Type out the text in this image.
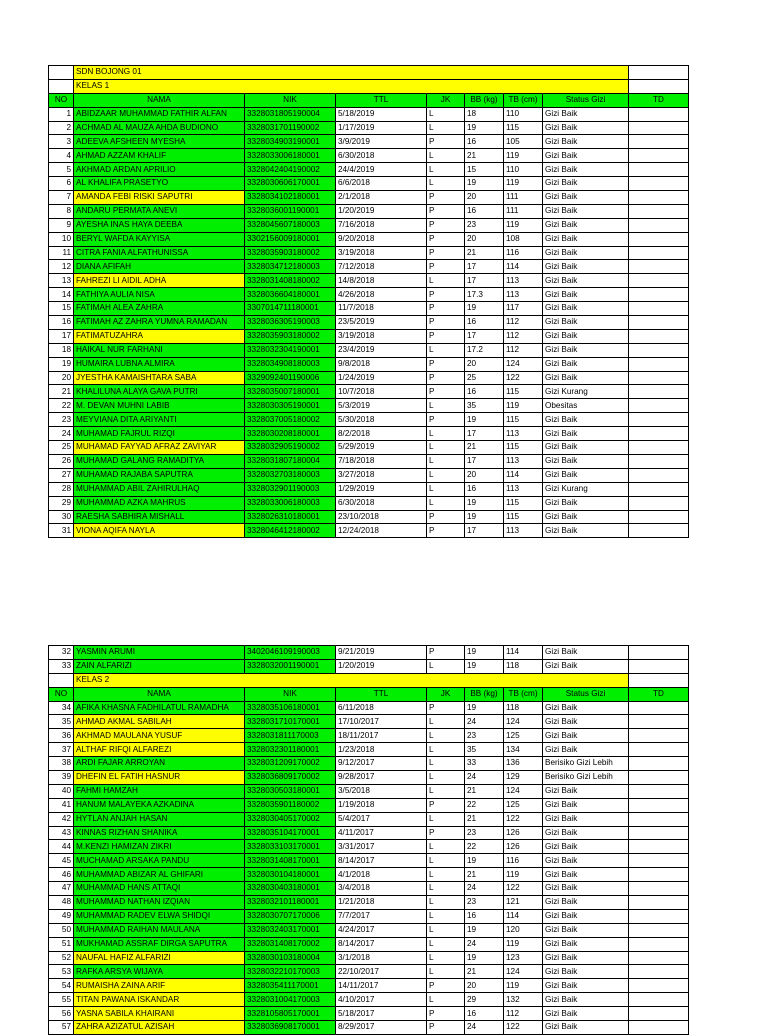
	SDN BOJONG 01							
	KELAS 1							
NO	NAMA	NIK	TTL	JK	BB (kg)	TB (cm)	Status Gizi	TD
1	ABIDZAAR MUHAMMAD FATHIR ALFAN	3328031805190004	5/18/2019	L	18	110	Gizi Baik	
2	ACHMAD AL MAUZA AHDA BUDIONO	3328031701190002	1/17/2019	L	19	115	Gizi Baik	
3	ADEEVA AFSHEEN MYESHA	3328034903190001	3/9/2019	P	16	105	Gizi Baik	
4	AHMAD AZZAM KHALIF	3328033006180001	6/30/2018	L	21	119	Gizi Baik	
5	AKHMAD ARDAN APRILIO	3328042404190002	24/4/2019	L	15	110	Gizi Baik	
6	AL KHALIFA PRASETYO	3328030606170001	6/6/2018	L	19	119	Gizi Baik	
7	AMANDA FEBI RISKI SAPUTRI	3328034102180001	2/1/2018	P	20	111	Gizi Baik	
8	ANDARU PERMATA ANEVI	3328036001190001	1/20/2019	P	16	111	Gizi Baik	
9	AYESHA INAS HAYA DEEBA	3328045607180003	7/16/2018	P	23	119	Gizi Baik	
10	BERYL WAFDA KAYYISA	3302156009180001	9/20/2018	P	20	108	Gizi Baik	
11	CITRA FANIA ALFATHUNISSA	3328035903180002	3/19/2018	P	21	116	Gizi Baik	
12	DIANA AFIFAH	3328034712180003	7/12/2018	P	17	114	Gizi Baik	
13	FAHREZI LI AIDIL ADHA	3328031408180002	14/8/2018	L	17	113	Gizi Baik	
14	FATHIYA AULIA NISA	3328036604180001	4/26/2018	P	17.3	113	Gizi Baik	
15	FATIMAH ALEA ZAHRA	3307014711180001	11/7/2018	P	19	117	Gizi Baik	
16	FATIMAH AZ ZAHRA YUMNA RAMADAN	3328036305190003	23/5/2019	P	16	112	Gizi Baik	
17	FATIMATUZAHRA	3328035903180002	3/19/2018	P	17	112	Gizi Baik	
18	HAIKAL NUR FARHANI	3328032304190001	23/4/2019	L	17.2	112	Gizi Baik	
19	HUMAIRA LUBNA ALMIRA	3328034908180003	9/8/2018	P	20	124	Gizi Baik	
20	JYESTHA KAMAISHTARA SABA	3329092401190006	1/24/2019	P	25	122	Gizi Baik	
21	KHALILUNA ALAYA GAVA PUTRI	3328035007180001	10/7/2018	P	16	115	Gizi Kurang	
22	M. DEVAN MUHNI LABIB	3328030305190001	5/3/2019	L	35	119	Obesitas	
23	MEYVIANA DITA ARIYANTI	3328037005180002	5/30/2018	P	19	115	Gizi Baik	
24	MUHAMAD FAJRUL RIZQI	3328030208180001	8/2/2018	L	17	113	Gizi Baik	
25	MUHAMAD FAYYAD AFRAZ ZAVIYAR	3328032905190002	5/29/2019	L	21	115	Gizi Baik	
26	MUHAMAD GALANG RAMADITYA	3328031807180004	7/18/2018	L	17	113	Gizi Baik	
27	MUHAMAD RAJABA SAPUTRA	3328032703180003	3/27/2018	L	20	114	Gizi Baik	
28	MUHAMMAD ABIL ZAHIRULHAQ	3328032901190003	1/29/2019	L	16	113	Gizi Kurang	
29	MUHAMMAD AZKA MAHRUS	3328033006180003	6/30/2018	L	19	115	Gizi Baik	
30	RAESHA SABHIRA MISHALL	3328026310180001	23/10/2018	P	19	115	Gizi Baik	
31	VIONA AQIFA NAYLA	3328046412180002	12/24/2018	P	17	113	Gizi Baik	
32	YASMIN ARUMI	3402046109190003	9/21/2019	P	19	114	Gizi Baik	
33	ZAIN ALFARIZI	3328032001190001	1/20/2019	L	19	118	Gizi Baik	
	KELAS 2							
NO	NAMA	NIK	TTL	JK	BB (kg)	TB (cm)	Status Gizi	TD
34	AFIKA KHASNA FADHILATUL RAMADHA	3328035106180001	6/11/2018	P	19	118	Gizi Baik	
35	AHMAD AKMAL SABILAH	3328031710170001	17/10/2017	L	24	124	Gizi Baik	
36	AKHMAD MAULANA YUSUF	3328031811170003	18/11/2017	L	23	125	Gizi Baik	
37	ALTHAF RIFQI ALFAREZI	3328032301180001	1/23/2018	L	35	134	Gizi Baik	
38	ARDI FAJAR ARROYAN	3328031209170002	9/12/2017	L	33	136	Berisiko Gizi Lebih	
39	DHEFIN EL FATIH HASNUR	3328036809170002	9/28/2017	L	24	129	Berisiko Gizi Lebih	
40	FAHMI HAMZAH	3328030503180001	3/5/2018	L	21	124	Gizi Baik	
41	HANUM MALAYEKA AZKADINA	3328035901180002	1/19/2018	P	22	125	Gizi Baik	
42	HYTLAN ANJAH HASAN	3328030405170002	5/4/2017	L	21	122	Gizi Baik	
43	KINNAS RIZHAN SHANIKA	3328035104170001	4/11/2017	P	23	126	Gizi Baik	
44	M.KENZI HAMIZAN ZIKRI	3328033103170001	3/31/2017	L	22	126	Gizi Baik	
45	MUCHAMAD ARSAKA PANDU	3328031408170001	8/14/2017	L	19	116	Gizi Baik	
46	MUHAMMAD ABIZAR AL GHIFARI	3328030104180001	4/1/2018	L	21	119	Gizi Baik	
47	MUHAMMAD HANS ATTAQI	3328030403180001	3/4/2018	L	24	122	Gizi Baik	
48	MUHAMMAD NATHAN IZQIAN	3328032101180001	1/21/2018	L	23	121	Gizi Baik	
49	MUHAMMAD RADEV ELWA SHIDQI	3328030707170006	7/7/2017	L	16	114	Gizi Baik	
50	MUHAMMAD RAIHAN MAULANA	3328032403170001	4/24/2017	L	19	120	Gizi Baik	
51	MUKHAMAD ASSRAF DIRGA SAPUTRA	3328031408170002	8/14/2017	L	24	119	Gizi Baik	
52	NAUFAL HAFIZ ALFARIZI	3328030103180004	3/1/2018	L	19	123	Gizi Baik	
53	RAFKA ARSYA WIJAYA	3328032210170003	22/10/2017	L	21	124	Gizi Baik	
54	RUMAISHA ZAINA ARIF	3328035411170001	14/11/2017	P	20	119	Gizi Baik	
55	TITAN PAWANA ISKANDAR	3328031004170003	4/10/2017	L	29	132	Gizi Baik	
56	YASNA SABILA KHAIRANI	3328105805170001	5/18/2017	P	16	112	Gizi Baik	
57	ZAHRA AZIZATUL AZISAH	3328036908170001	8/29/2017	P	24	122	Gizi Baik	
